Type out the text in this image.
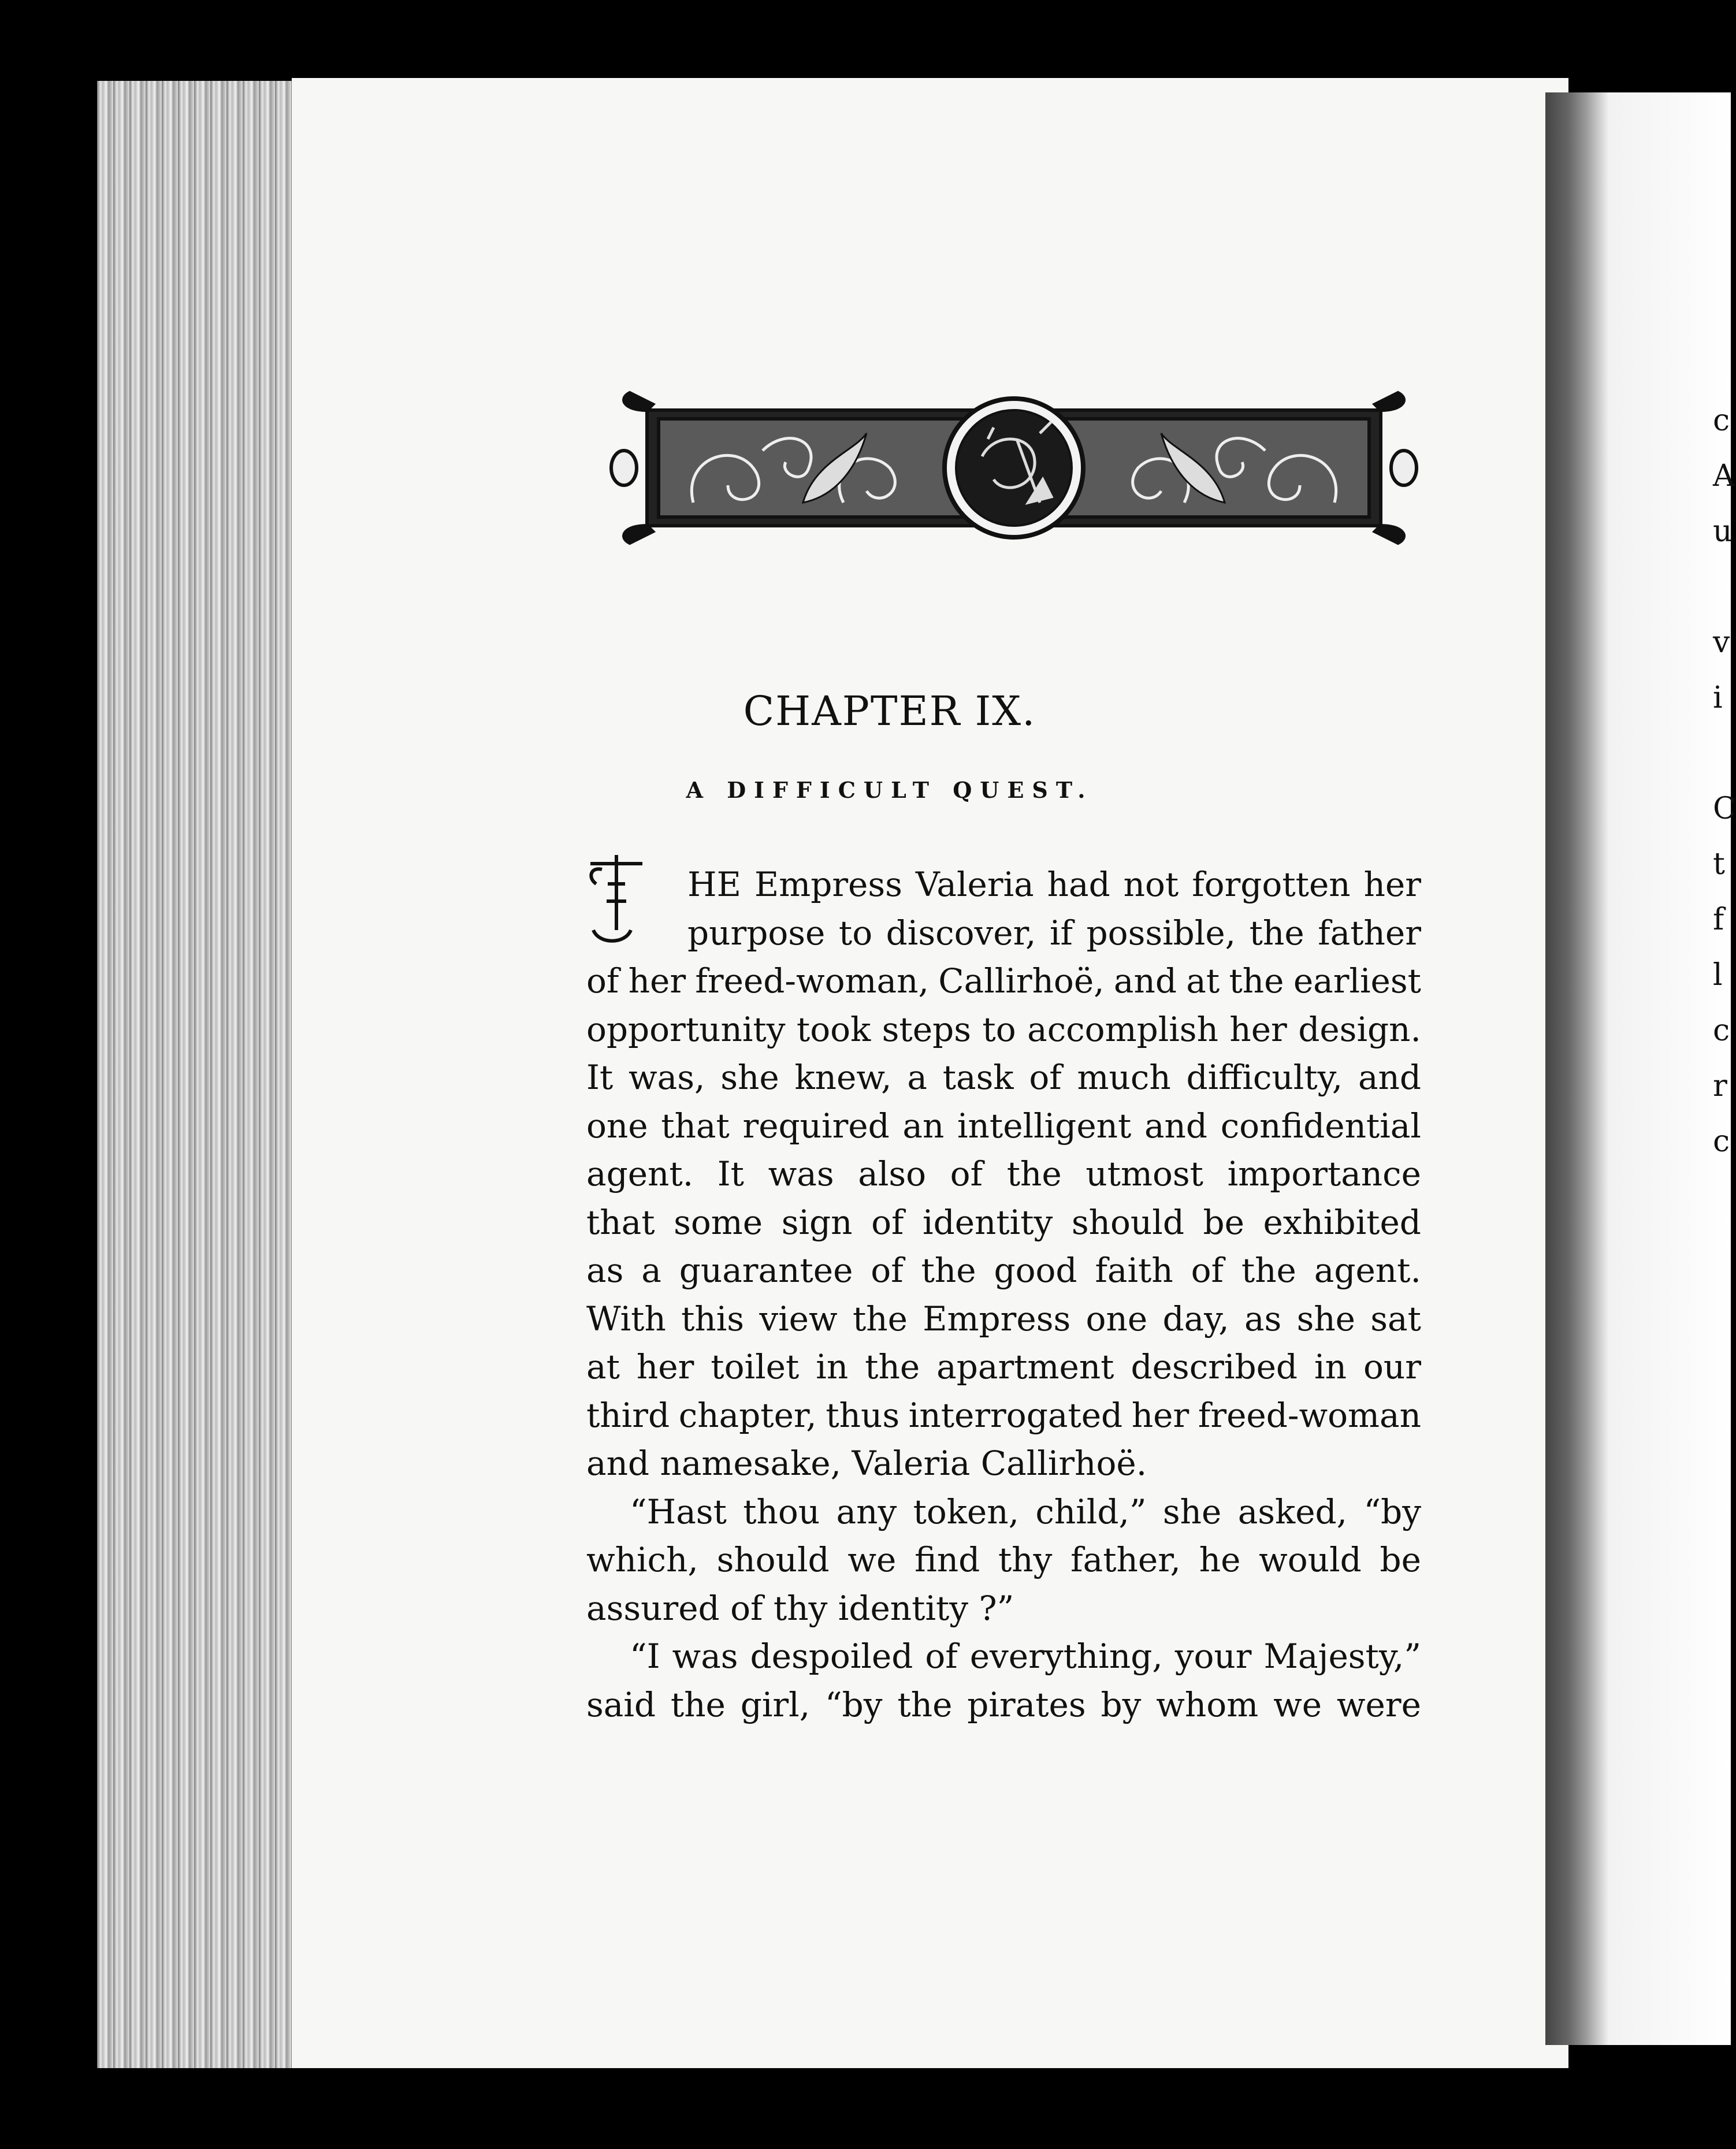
c
A
u

v
i

C
t
f
l
c
r
c
CHAPTER IX.
A DIFFICULT QUEST.
HE Empress Valeria had not forgotten her
purpose to discover, if possible, the father
of her freed-woman, Callirhoë, and at the earliest
opportunity took steps to accomplish her design.
It was, she knew, a task of much difficulty, and
one that required an intelligent and confidential
agent. It was also of the utmost importance
that some sign of identity should be exhibited
as a guarantee of the good faith of the agent.
With this view the Empress one day, as she sat
at her toilet in the apartment described in our
third chapter, thus interrogated her freed-woman
and namesake, Valeria Callirhoë.
“Hast thou any token, child,” she asked, “by
which, should we find thy father, he would be
assured of thy identity ?”
“I was despoiled of everything, your Majesty,”
said the girl, “by the pirates by whom we were
